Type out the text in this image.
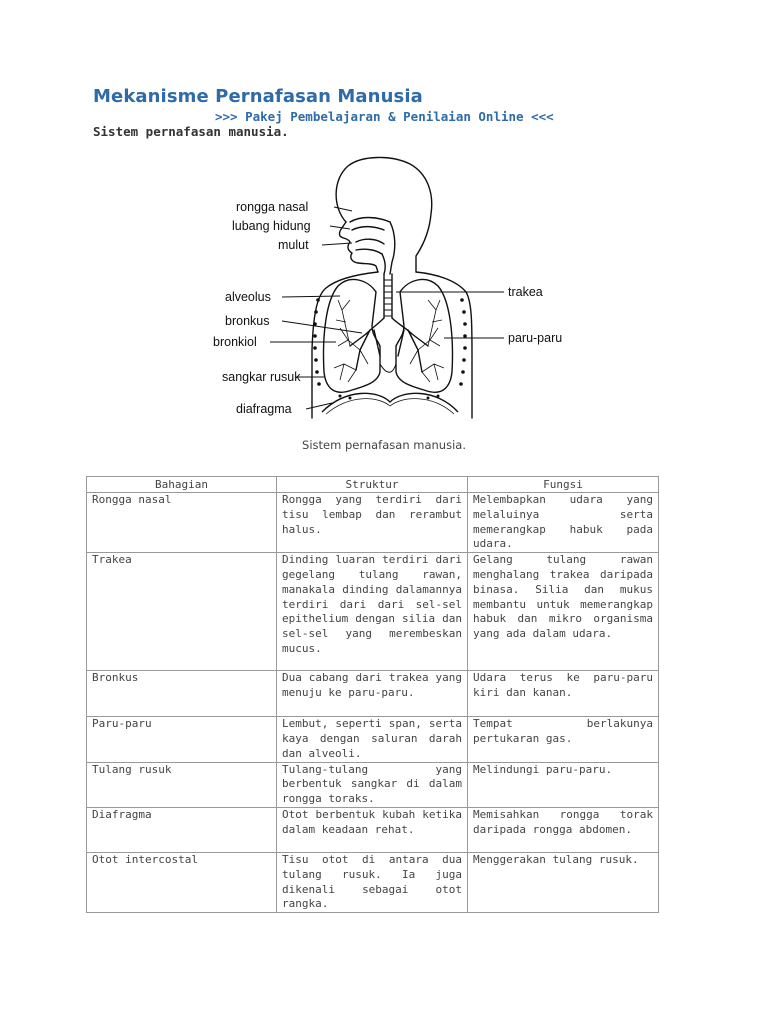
Mekanisme Pernafasan Manusia
>>> Pakej Pembelajaran & Penilaian Online <<<
Sistem pernafasan manusia.
rongga nasal
lubang hidung
mulut
alveolus
bronkus
bronkiol
sangkar rusuk
diafragma
trakea
paru-paru
Sistem pernafasan manusia.
Bahagian	Struktur	Fungsi
Rongga nasal	Rongga yang terdiri dari tisu lembap dan rerambut halus.	Melembapkan udara yang melaluinya serta memerangkap habuk pada udara.
Trakea	Dinding luaran terdiri dari gegelang tulang rawan, manakala dinding dalamannya terdiri dari dari sel-sel epithelium dengan silia dan sel-sel yang merembeskan mucus.	Gelang tulang rawan menghalang trakea daripada binasa. Silia dan mukus membantu untuk memerangkap habuk dan mikro organisma yang ada dalam udara.
Bronkus	Dua cabang dari trakea yang menuju ke paru-paru.	Udara terus ke paru-paru kiri dan kanan.
Paru-paru	Lembut, seperti span, serta kaya dengan saluran darah dan alveoli.	Tempat berlakunya pertukaran gas.
Tulang rusuk	Tulang-tulang yang berbentuk sangkar di dalam rongga toraks.	Melindungi paru-paru.
Diafragma	Otot berbentuk kubah ketika dalam keadaan rehat.	Memisahkan rongga torak daripada rongga abdomen.
Otot intercostal	Tisu otot di antara dua tulang rusuk. Ia juga dikenali sebagai otot rangka.	Menggerakan tulang rusuk.
